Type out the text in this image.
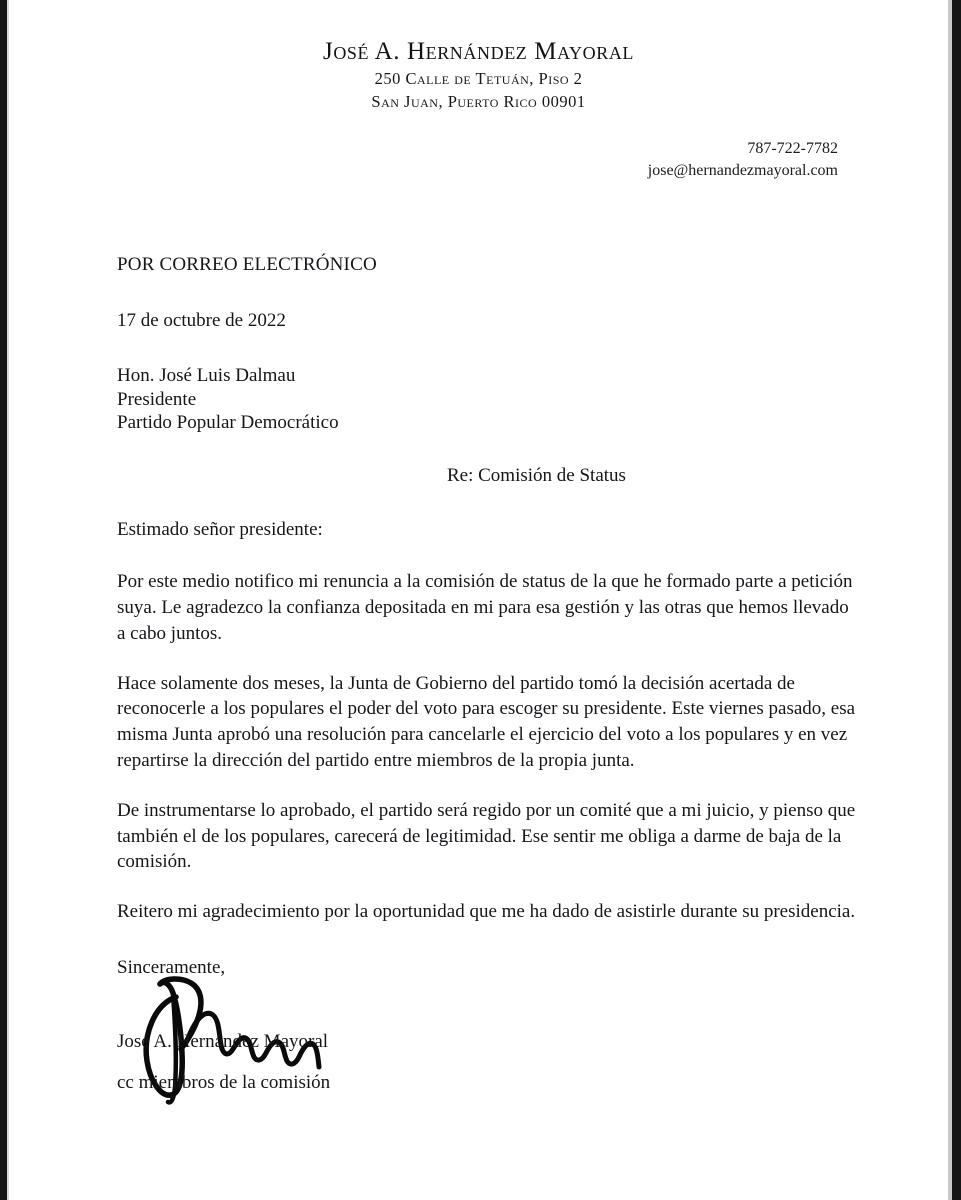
José A. Hernández Mayoral
250 Calle de Tetuán, Piso 2
San Juan, Puerto Rico 00901
787-722-7782
jose@hernandezmayoral.com
POR CORREO ELECTRÓNICO
17 de octubre de 2022
Hon. José Luis Dalmau
Presidente
Partido Popular Democrático
Re: Comisión de Status
Estimado señor presidente:

Por este medio notifico mi renuncia a la comisión de status de la que he formado parte a petición suya. Le agradezco la confianza depositada en mi para esa gestión y las otras que hemos llevado a cabo juntos.

Hace solamente dos meses, la Junta de Gobierno del partido tomó la decisión acertada de reconocerle a los populares el poder del voto para escoger su presidente. Este viernes pasado, esa misma Junta aprobó una resolución para cancelarle el ejercicio del voto a los populares y en vez repartirse la dirección del partido entre miembros de la propia junta.

De instrumentarse lo aprobado, el partido será regido por un comité que a mi juicio, y pienso que también el de los populares, carecerá de legitimidad. Ese sentir me obliga a darme de baja de la comisión.

Reitero mi agradecimiento por la oportunidad que me ha dado de asistirle durante su presidencia.

Sinceramente,
José A. Hernández Mayoral
cc miembros de la comisión
